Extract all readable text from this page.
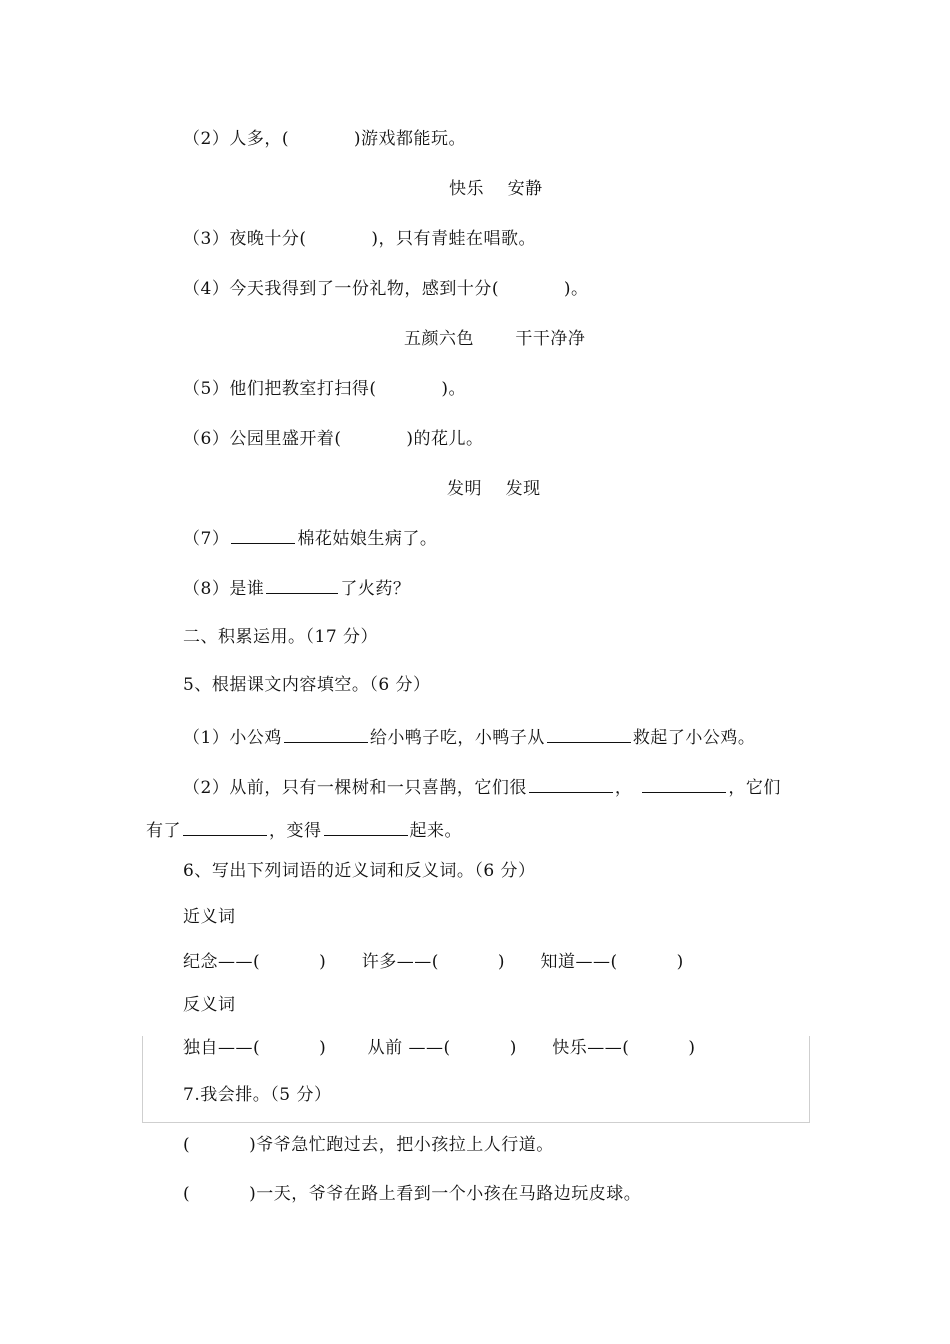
（2）人多，(           )游戏都能玩。
快乐    安静
（3）夜晚十分(           )，只有青蛙在唱歌。
（4）今天我得到了一份礼物，感到十分(           )。
五颜六色       干干净净
（5）他们把教室打扫得(           )。
（6）公园里盛开着(           )的花儿。
发明    发现
（7）	棉花姑娘生病了。
（8）是谁	了火药？
二、积累运用。（17 分）
5、根据课文内容填空。（6 分）
（1）小公鸡	给小鸭子吃，小鸭子从	救起了小公鸡。
（2）从前，只有一棵树和一只喜鹊，它们很	，	，它们
有了	，变得	起来。
6、写出下列词语的近义词和反义词。（6 分）
近义词
纪念——(          )      许多——(          )      知道——(          )
反义词
独自——(          )       从前 ——(          )      快乐——(          )
7.我会排。（5 分）
(          )爷爷急忙跑过去，把小孩拉上人行道。
(          )一天，爷爷在路上看到一个小孩在马路边玩皮球。
